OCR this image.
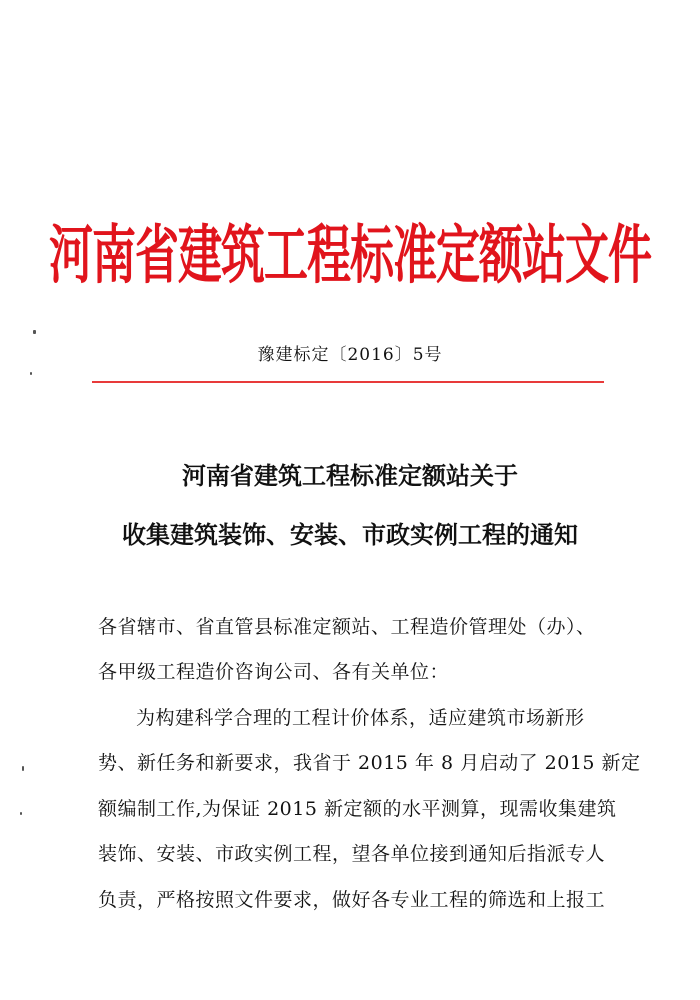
河南省建筑工程标准定额站文件
豫建标定〔2016〕5号
河南省建筑工程标准定额站关于
收集建筑装饰、安装、市政实例工程的通知
各省辖市、省直管县标准定额站、工程造价管理处（办）、
各甲级工程造价咨询公司、各有关单位：
为构建科学合理的工程计价体系，适应建筑市场新形
势、新任务和新要求，我省于 2015 年 8 月启动了 2015 新定
额编制工作,为保证 2015 新定额的水平测算，现需收集建筑
装饰、安装、市政实例工程，望各单位接到通知后指派专人
负责，严格按照文件要求，做好各专业工程的筛选和上报工
